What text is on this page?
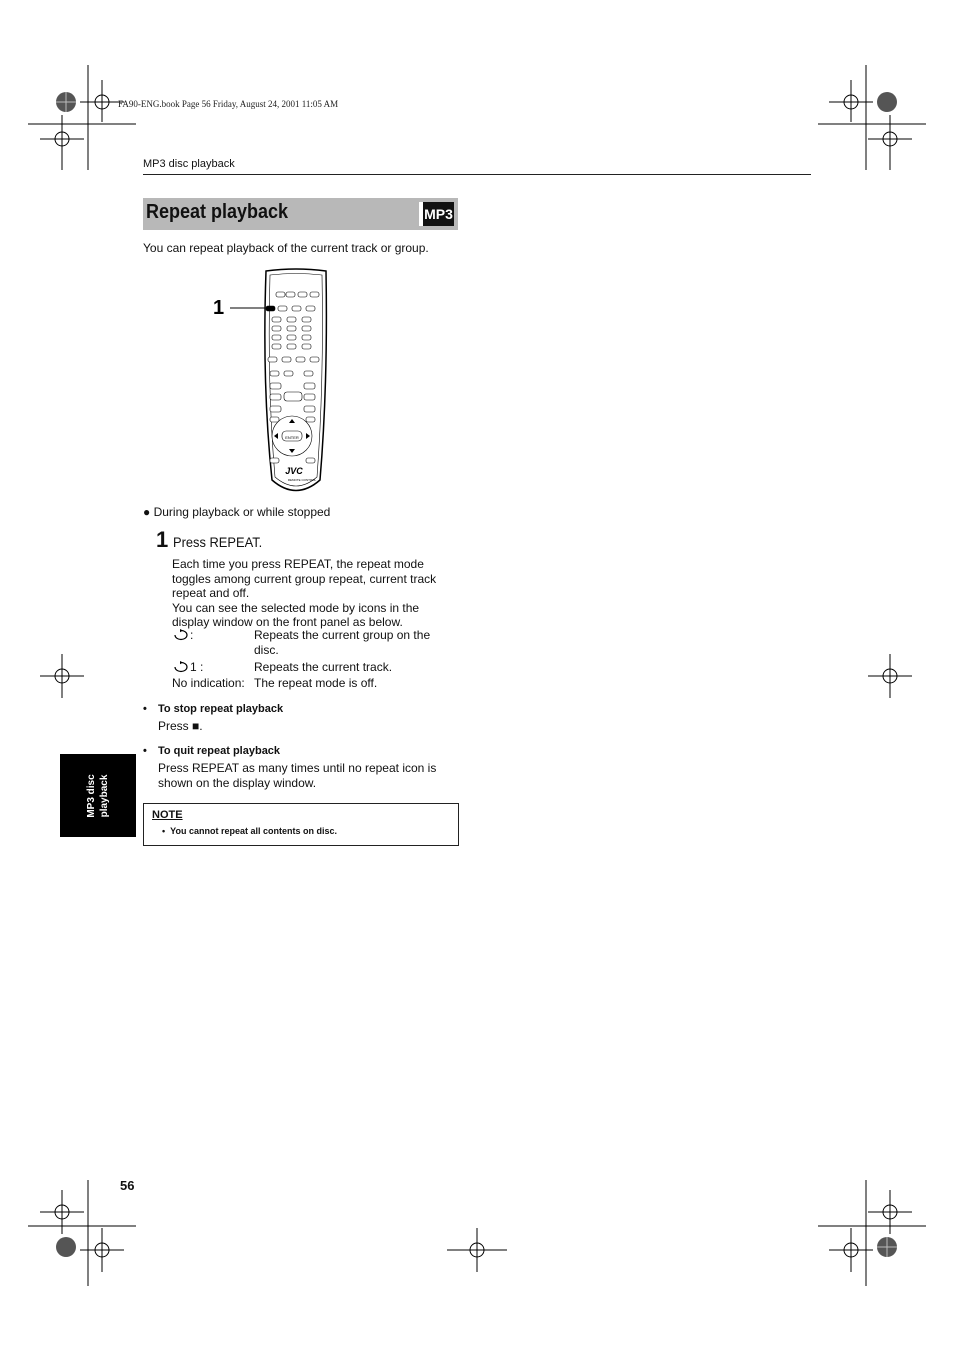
FA90-ENG.book Page 56 Friday, August 24, 2001 11:05 AM
MP3 disc playback
Repeat playback	MP3
You can repeat playback of the current track or group.
1
ENTER
JVC
REMOTE CONTROL
● During playback or while stopped
1 Press REPEAT.
Each time you press REPEAT, the repeat mode
toggles among current group repeat, current track
repeat and off.
You can see the selected mode by icons in the
display window on the front panel as below.
:	Repeats the current group on the
disc.
1 :	Repeats the current track.
No indication: The repeat mode is off.
• To stop repeat playback
Press ■.
• To quit repeat playback
Press REPEAT as many times until no repeat icon is
shown on the display window.
NOTE
•  You cannot repeat all contents on disc.
MP3 disc playback
56
